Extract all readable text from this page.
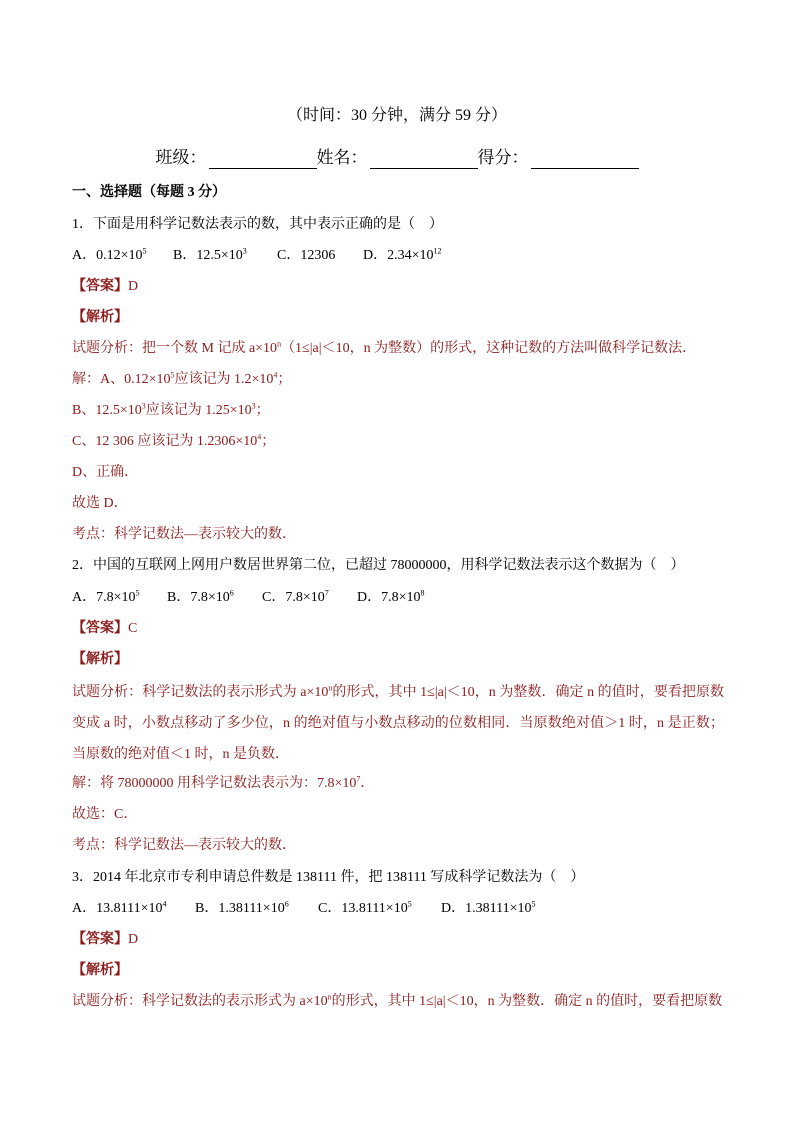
（时间：30 分钟，满分 59 分）
班级：	姓名：	得分：
一、选择题（每题 3 分）
1．下面是用科学记数法表示的数，其中表示正确的是（　）
A．$0.12\times 10^5$ B．$12.5\times 10^3$ C．12306 D．$2.34\times 10^{12}$
【答案】D
【解析】
试题分析：把一个数 M 记成 $a\times 10^n(1\le|a|<10$，n 为整数）的形式，这种记数的方法叫做科学记数法．
解：A、$0.12\times 10^5$应该记为 $1.2\times 10^4$；
B、$12.5\times 10^3$应该记为 $1.25\times 10^3$；
C、12 306 应该记为 $1.2306\times 10^4$；
D、正确．
故选 D．
考点：科学记数法—表示较大的数．
2．中国的互联网上网用户数居世界第二位，已超过 78000000，用科学记数法表示这个数据为（　）
A．$7.8\times 10^5$ B．$7.8\times 10^6$ C．$7.8\times 10^7$ D．$7.8\times 10^8$
【答案】C
【解析】
试题分析：科学记数法的表示形式为 $a\times 10^n$的形式，其中 1≤|a|＜10，n 为整数．确定 n 的值时，要看把原数变成 a 时，小数点移动了多少位，n 的绝对值与小数点移动的位数相同．当原数绝对值＞1 时，n 是正数；当原数的绝对值＜1 时，n 是负数．
解：将 78000000 用科学记数法表示为：$7.8\times 10^7$．
故选：C．
考点：科学记数法—表示较大的数．
3．2014 年北京市专利申请总件数是 138111 件，把 138111 写成科学记数法为（　）
A．$13.8111\times 10^4$ B．$1.38111\times 10^6$ C．$13.8111\times 10^5$ D．$1.38111\times 10^5$
【答案】D
【解析】
试题分析：科学记数法的表示形式为 $a\times 10^n$的形式，其中 1≤|a|＜10，n 为整数．确定 n 的值时，要看把原数
